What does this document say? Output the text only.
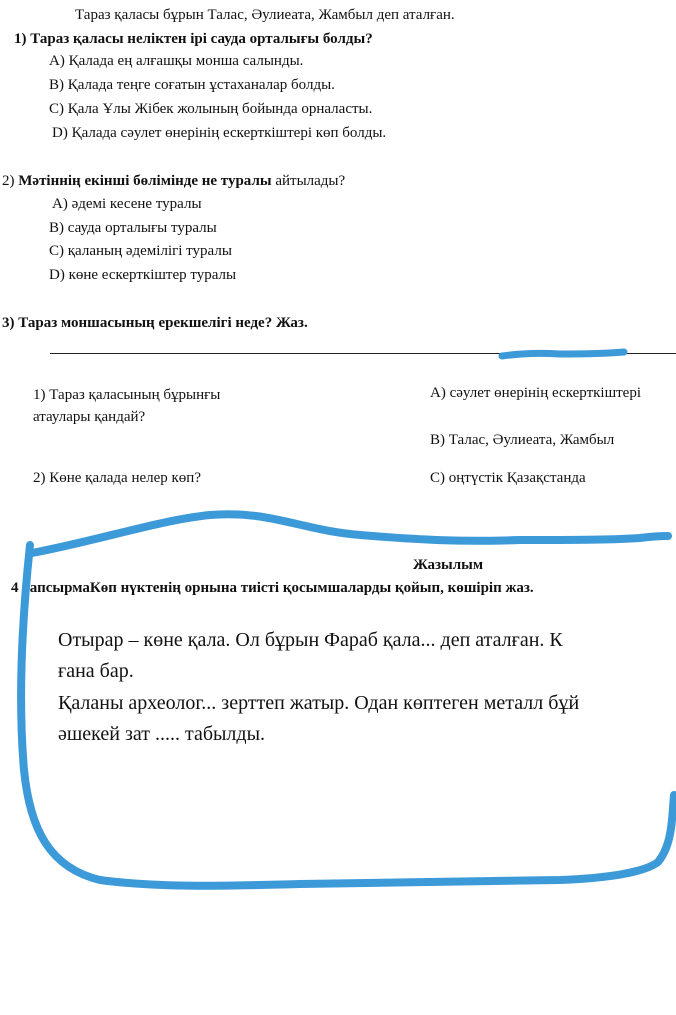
Тараз қаласы бұрын Талас, Әулиеата, Жамбыл деп аталған.
1) Тараз қаласы неліктен ірі сауда орталығы болды?
A) Қалада ең алғашқы монша салынды.
B) Қалада теңге соғатын ұстаханалар болды.
C) Қала Ұлы Жібек жолының бойында орналасты.
D) Қалада сәулет өнерінің ескерткіштері көп болды.
2) Мәтіннің екінші бөлімінде не туралы айтылады?
A) әдемі кесене туралы
B) сауда орталығы туралы
C) қаланың әдемілігі туралы
D) көне ескерткіштер туралы
3) Тараз моншасының ерекшелігі неде? Жаз.
1) Тараз қаласының бұрынғы атаулары қандай?
2) Көне қалада нелер көп?
A) сәулет өнерінің ескерткіштері
B) Талас, Әулиеата, Жамбыл
C) оңтүстік Қазақстанда
Жазылым
4 тапсырмаКөп нүктенің орнына тиісті қосымшаларды қойып, көшіріп жаз.
Отырар – көне қала. Ол бұрын Фараб қала... деп аталған. К
ғана бар.
Қаланы археолог... зерттеп жатыр. Одан көптеген металл бұй
әшекей зат ..... табылды.
